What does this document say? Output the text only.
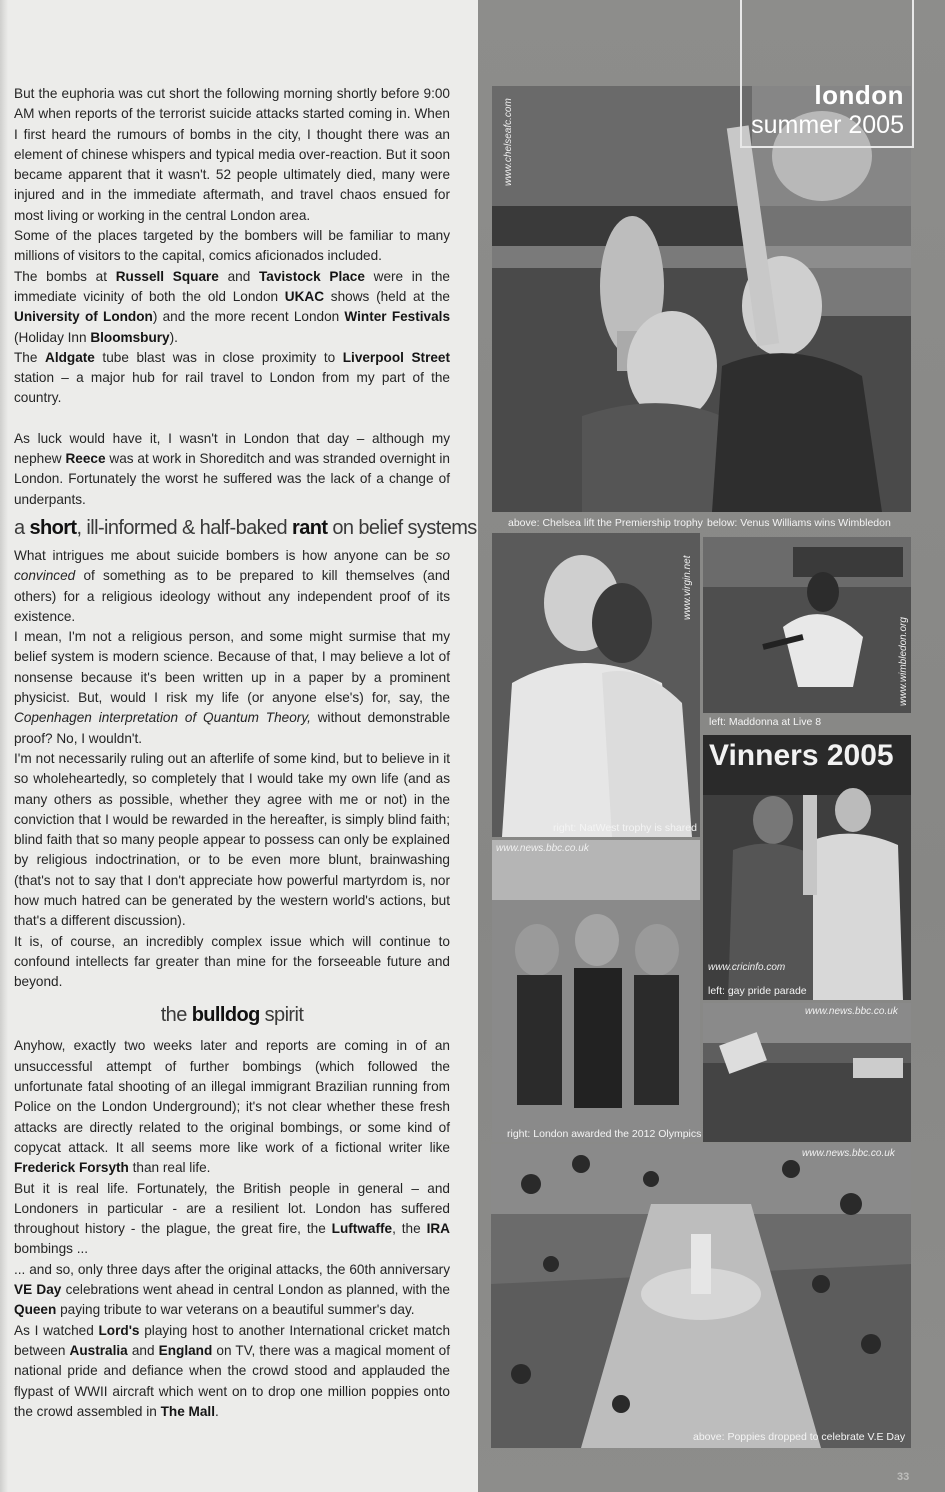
But the euphoria was cut short the following morning shortly before 9:00 AM when reports of the terrorist suicide attacks started coming in. When I first heard the rumours of bombs in the city, I thought there was an element of chinese whispers and typical media over-reaction. But it soon became apparent that it wasn't. 52 people ultimately died, many were injured and in the immediate aftermath, and travel chaos ensued for most living or working in the central London area.

Some of the places targeted by the bombers will be familiar to many millions of visitors to the capital, comics aficionados included.

The bombs at Russell Square and Tavistock Place were in the immediate vicinity of both the old London UKAC shows (held at the University of London) and the more recent London Winter Festivals (Holiday Inn Bloomsbury).

The Aldgate tube blast was in close proximity to Liverpool Street station – a major hub for rail travel to London from my part of the country.

As luck would have it, I wasn't in London that day – although my nephew Reece was at work in Shoreditch and was stranded overnight in London. Fortunately the worst he suffered was the lack of a change of underpants.

a short, ill-informed & half-baked rant on belief systems

What intrigues me about suicide bombers is how anyone can be so convinced of something as to be prepared to kill themselves (and others) for a religious ideology without any independent proof of its existence.

I mean, I'm not a religious person, and some might surmise that my belief system is modern science. Because of that, I may believe a lot of nonsense because it's been written up in a paper by a prominent physicist. But, would I risk my life (or anyone else's) for, say, the Copenhagen interpretation of Quantum Theory, without demonstrable proof? No, I wouldn't.

I'm not necessarily ruling out an afterlife of some kind, but to believe in it so wholeheartedly, so completely that I would take my own life (and as many others as possible, whether they agree with me or not) in the conviction that I would be rewarded in the hereafter, is simply blind faith; blind faith that so many people appear to possess can only be explained by religious indoctrination, or to be even more blunt, brainwashing (that's not to say that I don't appreciate how powerful martyrdom is, nor how much hatred can be generated by the western world's actions, but that's a different discussion).

It is, of course, an incredibly complex issue which will continue to confound intellects far greater than mine for the forseeable future and beyond.

the bulldog spirit

Anyhow, exactly two weeks later and reports are coming in of an unsuccessful attempt of further bombings (which followed the unfortunate fatal shooting of an illegal immigrant Brazilian running from Police on the London Underground); it's not clear whether these fresh attacks are directly related to the original bombings, or some kind of copycat attack. It all seems more like work of a fictional writer like Frederick Forsyth than real life.

But it is real life. Fortunately, the British people in general – and Londoners in particular - are a resilient lot. London has suffered throughout history - the plague, the great fire, the Luftwaffe, the IRA bombings ...

... and so, only three days after the original attacks, the 60th anniversary VE Day celebrations went ahead in central London as planned, with the Queen paying tribute to war veterans on a beautiful summer's day.

As I watched Lord's playing host to another International cricket match between Australia and England on TV, there was a magical moment of national pride and defiance when the crowd stood and applauded the flypast of WWII aircraft which went on to drop one million poppies onto the crowd assembled in The Mall.

london
summer 2005
www.chelseafc.com
above: Chelsea lift the Premiership trophy below: Venus Williams wins Wimbledon
www.virgin.net
www.wimbledon.org
left: Maddonna at Live 8
Vinners 2005
right: NatWest trophy is shared
www.news.bbc.co.uk
www.cricinfo.com
left: gay pride parade
www.news.bbc.co.uk
right: London awarded the 2012 Olympics
www.news.bbc.co.uk
above: Poppies dropped to celebrate V.E Day
33
